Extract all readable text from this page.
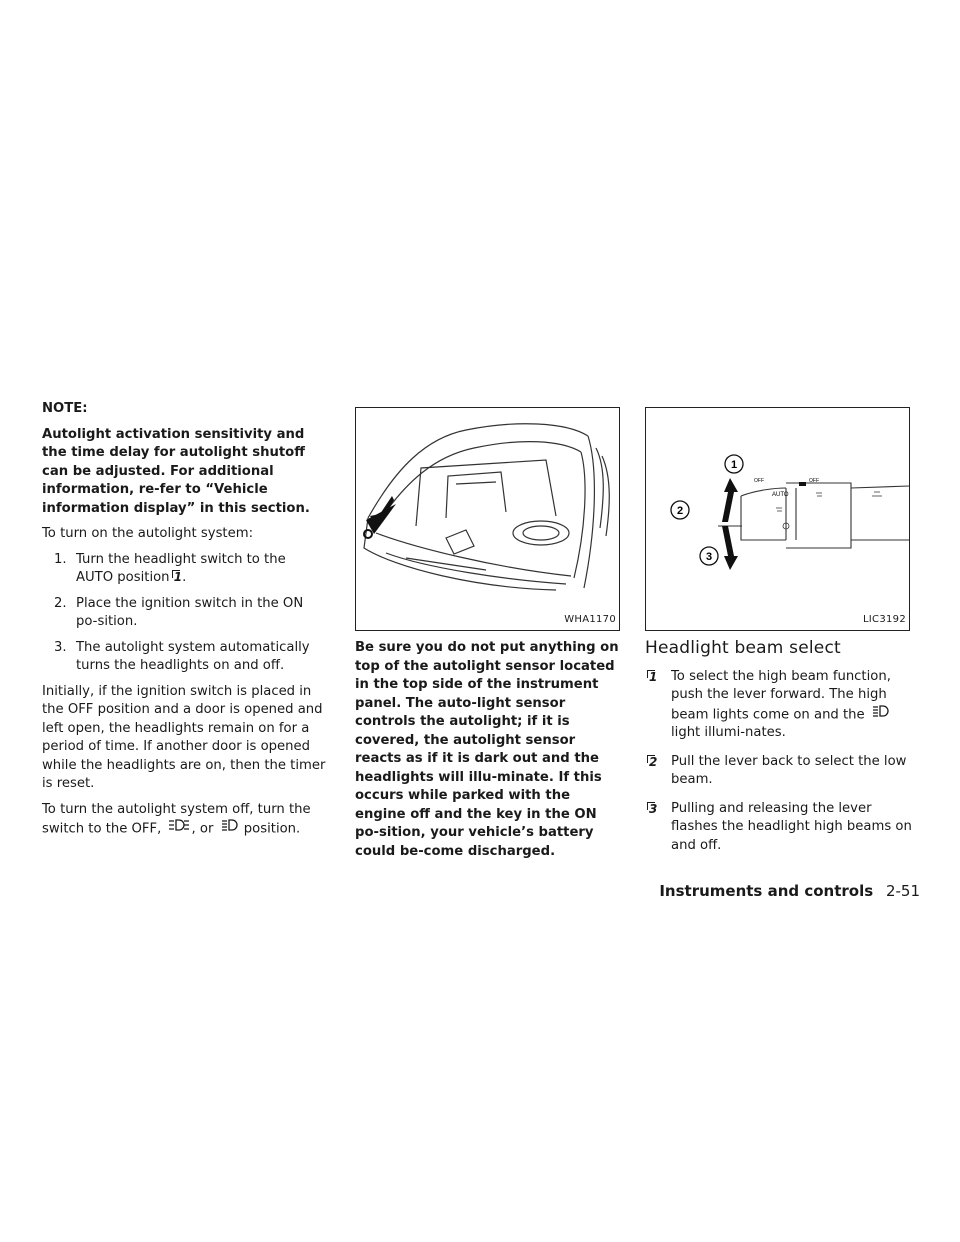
NOTE:

Autolight activation sensitivity and the time delay for autolight shutoff can be adjusted. For additional information, re-fer to “Vehicle information display” in this section.

To turn on the autolight system:

1. Turn the headlight switch to the AUTO position 1.
2. Place the ignition switch in the ON po-sition.
3. The autolight system automatically turns the headlights on and off.

Initially, if the ignition switch is placed in the OFF position and a door is opened and left open, the headlights remain on for a period of time. If another door is opened while the headlights are on, then the timer is reset.

To turn the autolight system off, turn the switch to the OFF, , or position.

WHA1170

Be sure you do not put anything on top of the autolight sensor located in the top side of the instrument panel. The auto-light sensor controls the autolight; if it is covered, the autolight sensor reacts as if it is dark out and the headlights will illu-minate. If this occurs while parked with the engine off and the key in the ON po-sition, your vehicle’s battery could be-come discharged.

1
2
3
AUTO
OFF	OFF
LIC3192
Headlight beam select
1 To select the high beam function, push the lever forward. The high beam lights come on and the  light illumi-nates.
2 Pull the lever back to select the low beam.
3 Pulling and releasing the lever flashes the headlight high beams on and off.
Instruments and controls 2-51
